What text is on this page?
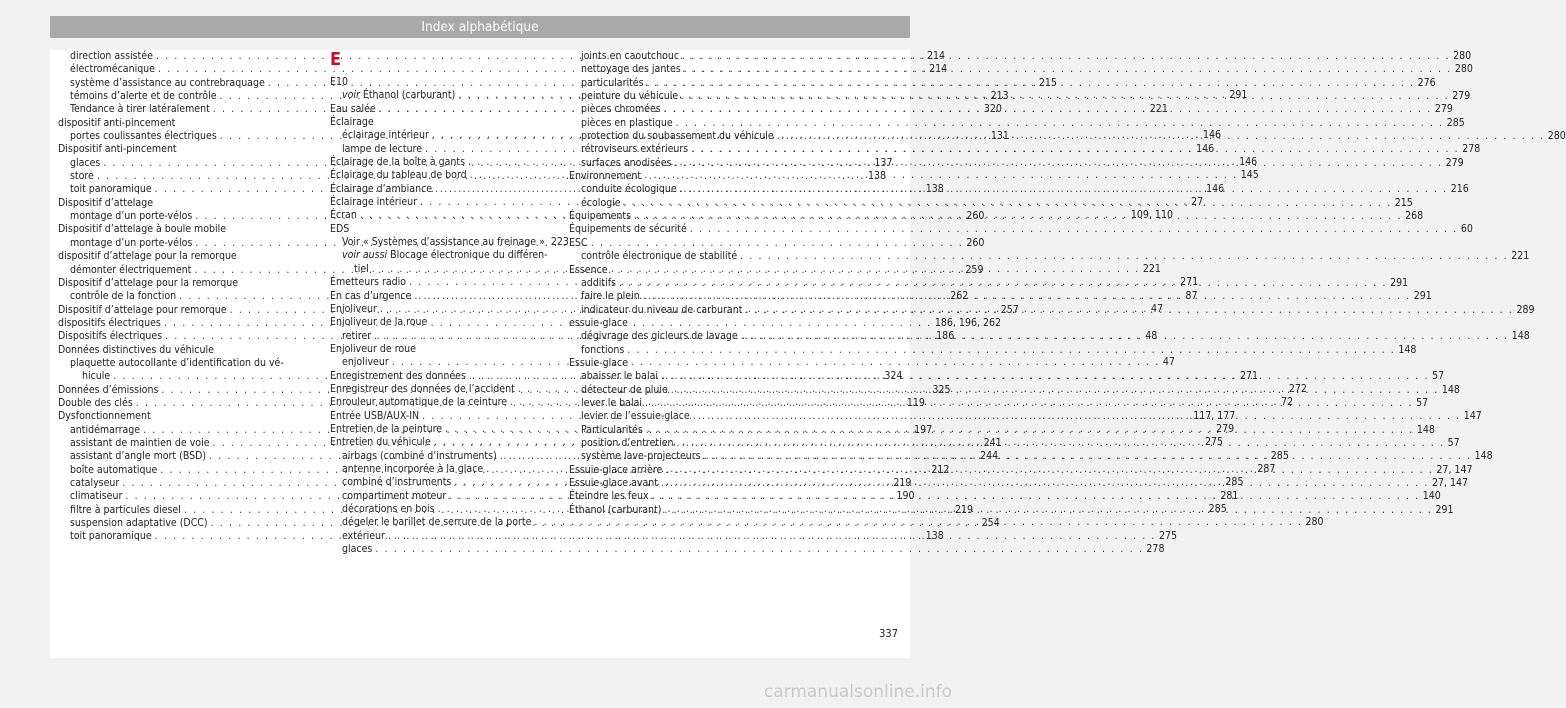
Index alphabétique
direction assistée . . .	214
électromécanique . . .	214
système d’assistance au contrebraquage . . .	215
témoins d’alerte et de contrôle . . .	213
Tendance à tirer latéralement . . .	320
dispositif anti-pincement
portes coulissantes électriques . . .	131
Dispositif anti-pincement
glaces . . .	137
store . . .	138
toit panoramique . . .	138
Dispositif d’attelage
montage d’un porte-vélos . . .	260
Dispositif d’attelage à boule mobile
montage d’un porte-vélos . . .	260
dispositif d’attelage pour la remorque
démonter électriquement . . .	259
Dispositif d’attelage pour la remorque
contrôle de la fonction . . .	262
Dispositif d’attelage pour remorque . . .	257
dispositifs électriques . . .	186, 196, 262
Dispositifs électriques . . .	186
Données distinctives du véhicule
plaquette autocollante d’identification du vé-
hicule . . .	324
Données d’émissions . . .	325
Double des clés . . .	119
Dysfonctionnement
antidémarrage . . .	197
assistant de maintien de voie . . .	241
assistant d’angle mort (BSD) . . .	244
boîte automatique . . .	212
catalyseur . . .	219
climatiseur . . .	190
filtre à particules diesel . . .	219
suspension adaptative (DCC) . . .	254
toit panoramique . . .	138
E
E10
voir Éthanol (carburant) . . .	291
Eau salée . . .	221
Éclairage
éclairage intérieur . . .	146
lampe de lecture . . .	146
Éclairage de la boîte à gants . . .	146
Éclairage du tableau de bord . . .	145
Éclairage d’ambiance . . .	146
Éclairage intérieur . . .	27
Écran . . .	109, 110
EDS
Voir « Systèmes d’assistance au freinage » 223
voir aussi Blocage électronique du différen-
tiel . . .	221
Émetteurs radio . . .	271
En cas d’urgence . . .	87
Enjoliveur . . .	47
Enjoliveur de la roue
retirer . . .	48
Enjoliveur de roue
enjoliveur . . .	47
Enregistrement des données . . .	271
Enregistreur des données de l’accident . . .	272
Enrouleur automatique de la ceinture . . .	72
Entrée USB/AUX-IN . . .	117, 177
Entretien de la peinture . . .	279
Entretien du véhicule . . .	275
airbags (combiné d’instruments) . . .	285
antenne incorporée à la glace . . .	287
combiné d’instruments . . .	285
compartiment moteur . . .	281
décorations en bois . . .	285
dégeler le barillet de serrure de la porte . . .	280
extérieur . . .	275
glaces . . .	278
joints en caoutchouc . . .	280
nettoyage des jantes . . .	280
particularités . . .	276
peinture du véhicule . . .	279
pièces chromées . . .	279
pièces en plastique . . .	285
protection du soubassement du véhicule . . .	280
rétroviseurs extérieurs . . .	278
surfaces anodisées . . .	279
Environnement
conduite écologique . . .	216
écologie . . .	215
Équipements . . .	268
Équipements de sécurité . . .	60
ESC
contrôle électronique de stabilité . . .	221
Essence
additifs . . .	291
faire le plein . . .	291
indicateur du niveau de carburant . . .	289
essuie-glace
dégivrage des gicleurs de lavage . . .	148
fonctions . . .	148
Essuie-glace
abaisser le balai . . .	57
détecteur de pluie . . .	148
lever le balai . . .	57
levier de l’essuie-glace . . .	147
Particularités . . .	148
position d’entretien . . .	57
système lave-projecteurs . . .	148
Essuie-glace arrière . . .	27, 147
Essuie-glace avant . . .	27, 147
Éteindre les feux . . .	140
Éthanol (carburant) . . .	291
337
carmanualsonline.info
